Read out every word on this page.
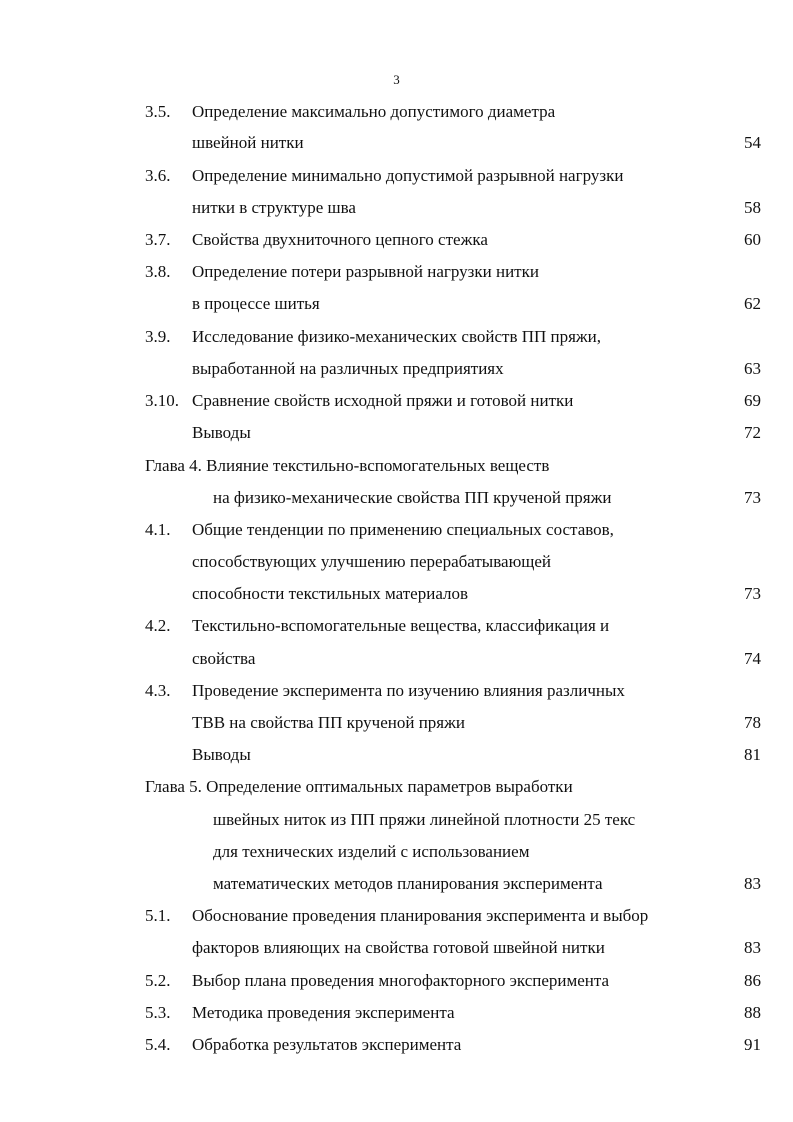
3
3.5. Определение максимально допустимого диаметра
швейной нитки	54
3.6. Определение минимально допустимой разрывной нагрузки
нитки в структуре шва	58
3.7. Свойства двухниточного цепного стежка	60
3.8. Определение потери разрывной нагрузки нитки
в процессе шитья	62
3.9. Исследование физико-механических свойств ПП пряжи,
выработанной на различных предприятиях	63
3.10. Сравнение свойств исходной пряжи и готовой нитки	69
Выводы	72
Глава 4. Влияние текстильно-вспомогательных веществ
на физико-механические свойства ПП крученой пряжи	73
4.1. Общие тенденции по применению специальных составов,
способствующих улучшению перерабатывающей
способности текстильных материалов	73
4.2. Текстильно-вспомогательные вещества, классификация и
свойства	74
4.3. Проведение эксперимента по изучению влияния различных
ТВВ на свойства ПП крученой пряжи	78
Выводы	81
Глава 5. Определение оптимальных параметров выработки
швейных ниток из ПП пряжи линейной плотности 25 текс
для технических изделий с использованием
математических методов планирования эксперимента	83
5.1. Обоснование проведения планирования эксперимента и выбор
факторов влияющих на свойства готовой швейной нитки	83
5.2. Выбор плана проведения многофакторного эксперимента	86
5.3. Методика проведения эксперимента	88
5.4. Обработка результатов эксперимента	91
